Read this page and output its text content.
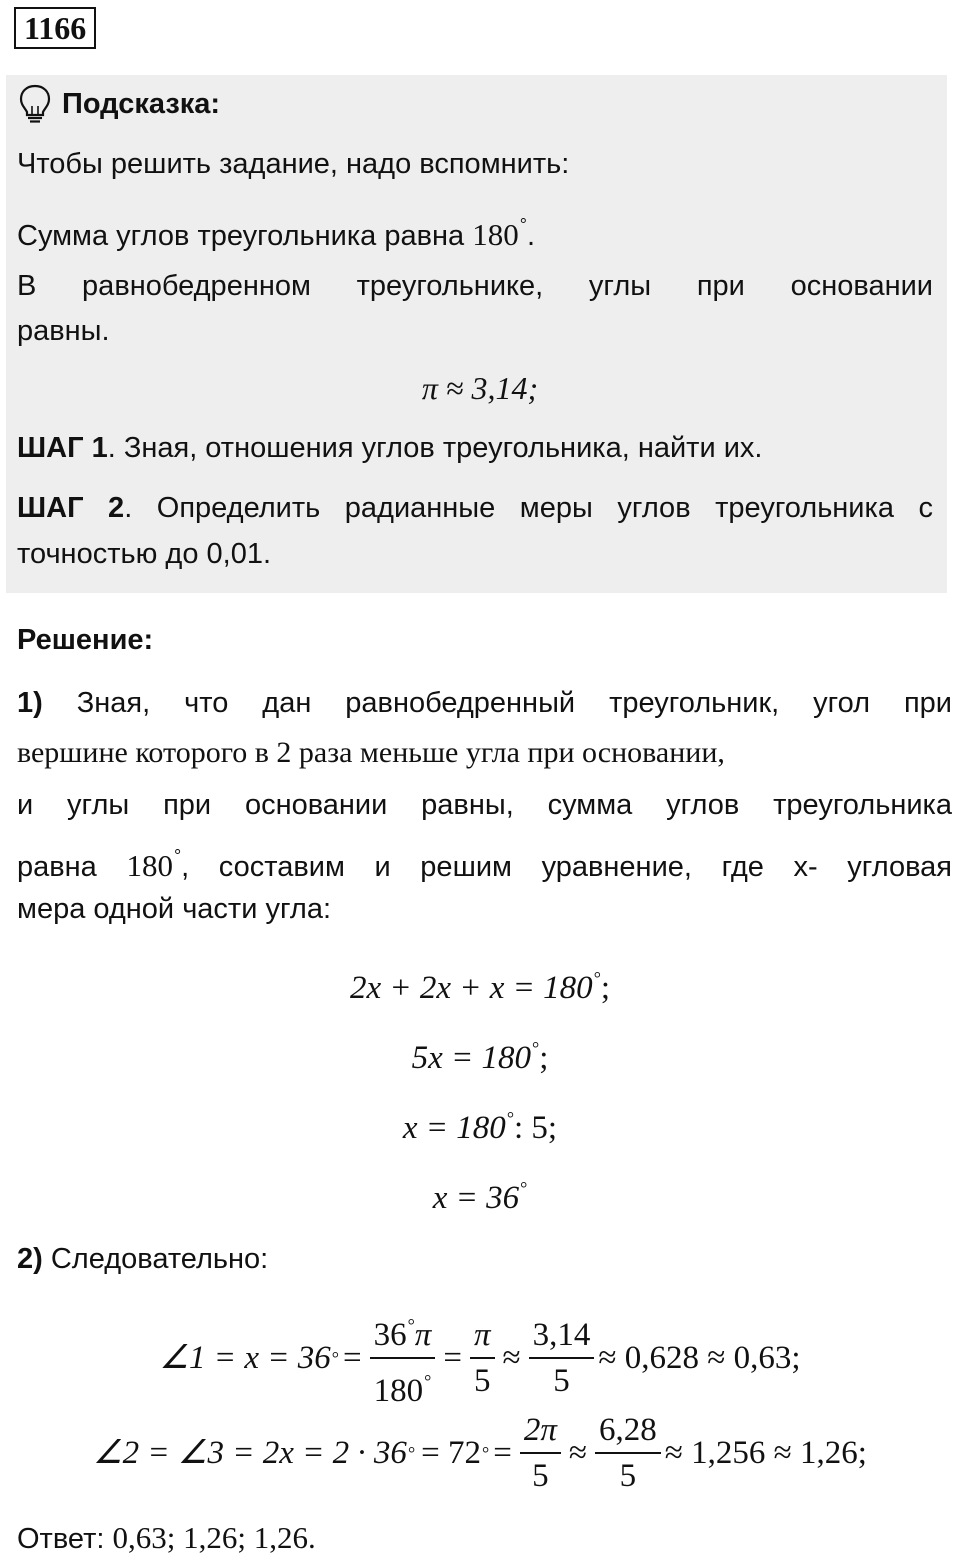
1166
Подсказка:
Чтобы решить задание, надо вспомнить:
Сумма углов треугольника равна 180°.
В равнобедренном треугольнике, углы при основании
равны.
π ≈ 3,14;
ШАГ 1. Зная, отношения углов треугольника, найти их.
ШАГ 2. Определить радианные меры углов треугольника с
точностью до 0,01.
Решение:
1) Зная, что дан равнобедренный треугольник, угол при
вершине которого в 2 раза меньше угла при основании,
и углы при основании равны, сумма углов треугольника
равна 180°, составим и решим уравнение, где х- угловая
мера одной части угла:
2x + 2x + x = 180°;
5x = 180°;
x = 180°: 5;
x = 36°
2) Следовательно:
∠1 = x = 36 ° = $\frac{36^\circ\pi}{180^\circ} = \frac{\pi}{5} \approx \frac{3,14}{5} \approx 0,628 \approx 0,63$;
∠2 = ∠3 = 2x = 2 · 36 ° = 72 ° = $\frac{2\pi}{5} \approx \frac{6,28}{5} \approx 1,256 \approx 1,26$;
Ответ: 0,63; 1,26; 1,26.
